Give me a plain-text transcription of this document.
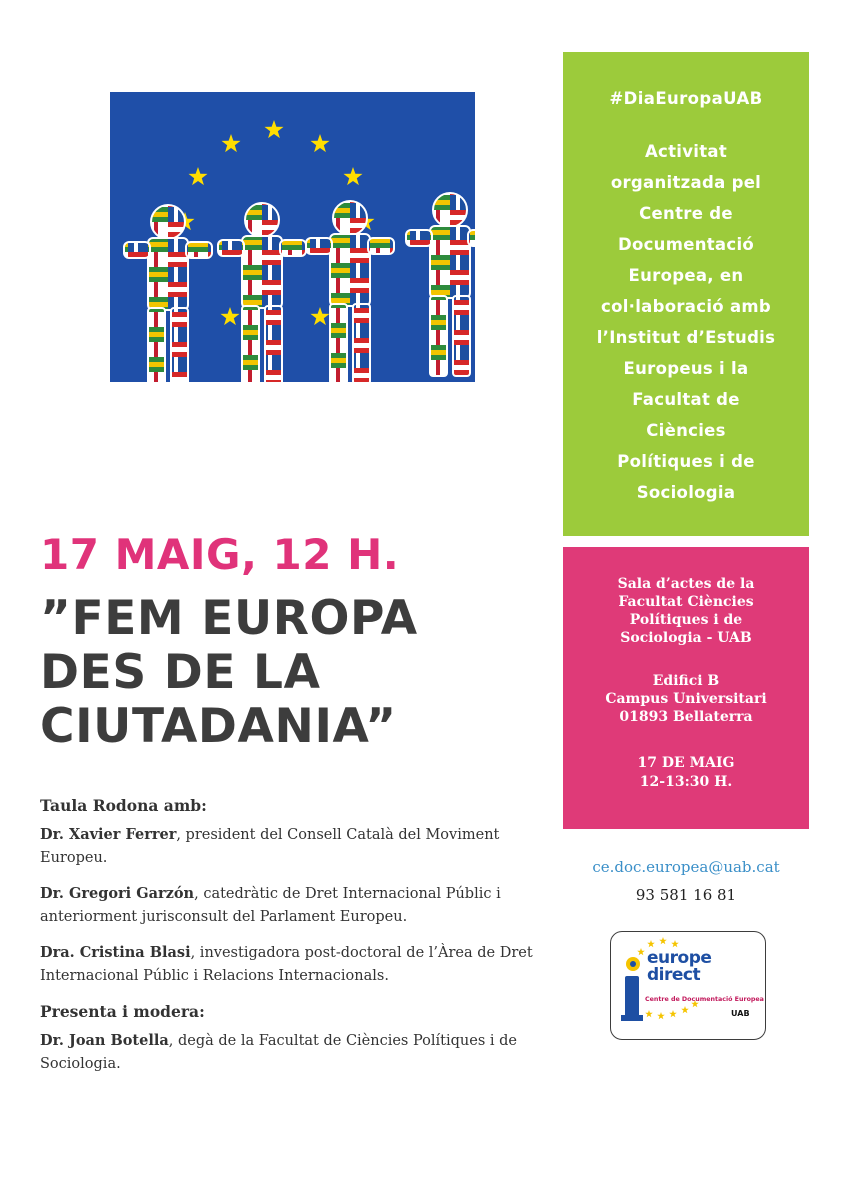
#DiaEuropaUAB
Activitat
organitzada pel
Centre de
Documentació
Europea, en
col·laboració amb
l’Institut d’Estudis
Europeus i la
Facultat de
Ciències
Polítiques i de
Sociologia
Sala d’actes de la
Facultat Ciències
Polítiques i de
Sociologia - UAB
Edifici B
Campus Universitari
01893 Bellaterra
17 DE MAIG
12-13:30 H.
17 MAIG, 12 H.
”FEM EUROPA
DES DE LA
CIUTADANIA”
Taula Rodona amb:
Dr. Xavier Ferrer, president del Consell Català del Moviment Europeu.
Dr. Gregori Garzón, catedràtic de Dret Internacional Públic i anteriorment jurisconsult del Parlament Europeu.
Dra. Cristina Blasi, investigadora post-doctoral de l’Àrea de Dret Internacional Públic i Relacions Internacionals.
Presenta i modera:
Dr. Joan Botella, degà de la Facultat de Ciències Polítiques i de Sociologia.
ce.doc.europea@uab.cat
93 581 16 81
europe
direct
Centre de Documentació Europea
UAB
